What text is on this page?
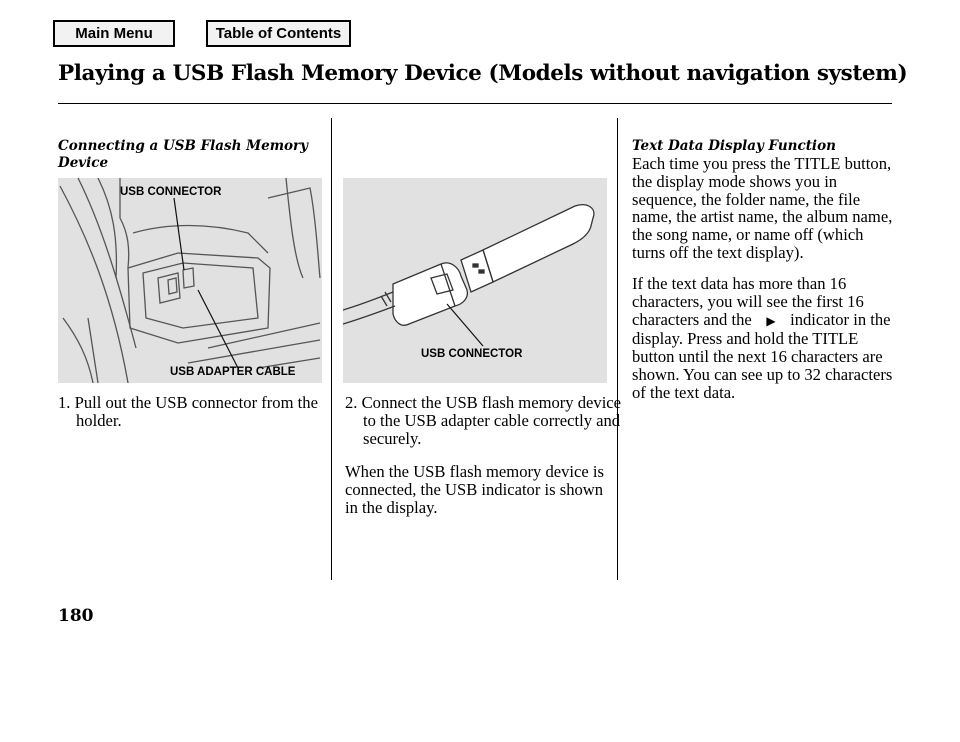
Main Menu	Table of Contents
Playing a USB Flash Memory Device (Models without navigation system)
Connecting a USB Flash Memory Device
USB CONNECTOR
USB ADAPTER CABLE
1. Pull out the USB connector from the holder.
USB CONNECTOR
2. Connect the USB flash memory device to the USB adapter cable correctly and securely.
When the USB flash memory device is connected, the USB indicator is shown in the display.
Text Data Display Function
Each time you press the TITLE button, the display mode shows you in sequence, the folder name, the file name, the artist name, the album name, the song name, or name off (which turns off the text display).
If the text data has more than 16 characters, you will see the first 16 characters and the ▶ indicator in the display. Press and hold the TITLE button until the next 16 characters are shown. You can see up to 32 characters of the text data.
180
